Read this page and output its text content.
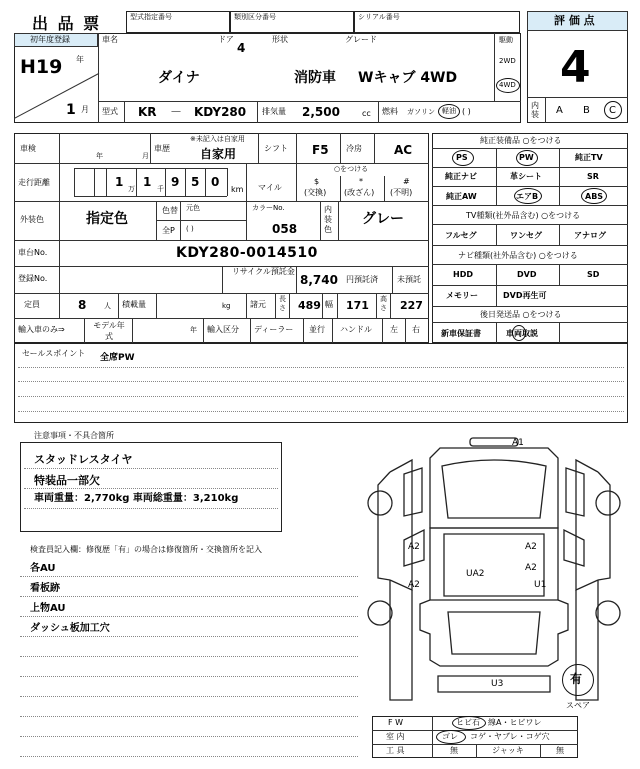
出 品 票	型式指定番号	類別区分番号	シリアル番号	評 価 点
4
内装 A B C
初年度登録
H19 年
1 月
車名
ダイナ
ドア
4
形状
消防車
グレード
Wキャブ 4WD
駆動
2WD
4WD
型式 KR － KDY280 排気量 2,500	cc 燃料 ガソリン 軽油 ( )
車検
年	月
車歴
※未記入は自家用
自家用	シフト F5 冷房	AC
走行距離	1 万 1 千 9 5 0
km マイル
○をつける
$
(交換)
*
(改ざん)
#
(不明)
外装色	指定色
色替
全P
元色
( )
カラーNo.
058
内装色
グレー
車台No.	KDY280-0014510
登録No.
リサイクル預託金
8,740 円預託済 未預託
定員	8	人 積載量	kg 諸元
長さ 489 幅 171 高さ 227
輸入車のみ⇒	モデル年式
年 輸入区分 ディーラー 並行 ハンドル 左 右
純正装備品 ○をつける
PS	PW	純正TV
純正ナビ	革シート	SR
純正AW	エアB	ABS
TV種類(社外品含む) ○をつける
フルセグ	ワンセグ	アナログ
ナビ種類(社外品含む) ○をつける
HDD	DVD	SD
メモリー	DVD再生可
後日発送品 ○をつける
新車保証書	車両取説
セールスポイント 全席PW
注意事項・不具合箇所
スタッドレスタイヤ
特装品一部欠
車両重量：2,770kg 車両総重量：3,210kg
検査員記入欄：修復歴「有」の場合は修復箇所・交換箇所を記入
各AU
看板跡
上物AU
ダッシュ板加工穴
A1
A2
A2
UA2
U1
A2
A2
U3	有
スペア
F W	ヒビ石 線A・ヒビワレ
室 内	ゴレ コゲ・ヤブレ・コゲ穴
工 具	無	ジャッキ	無
